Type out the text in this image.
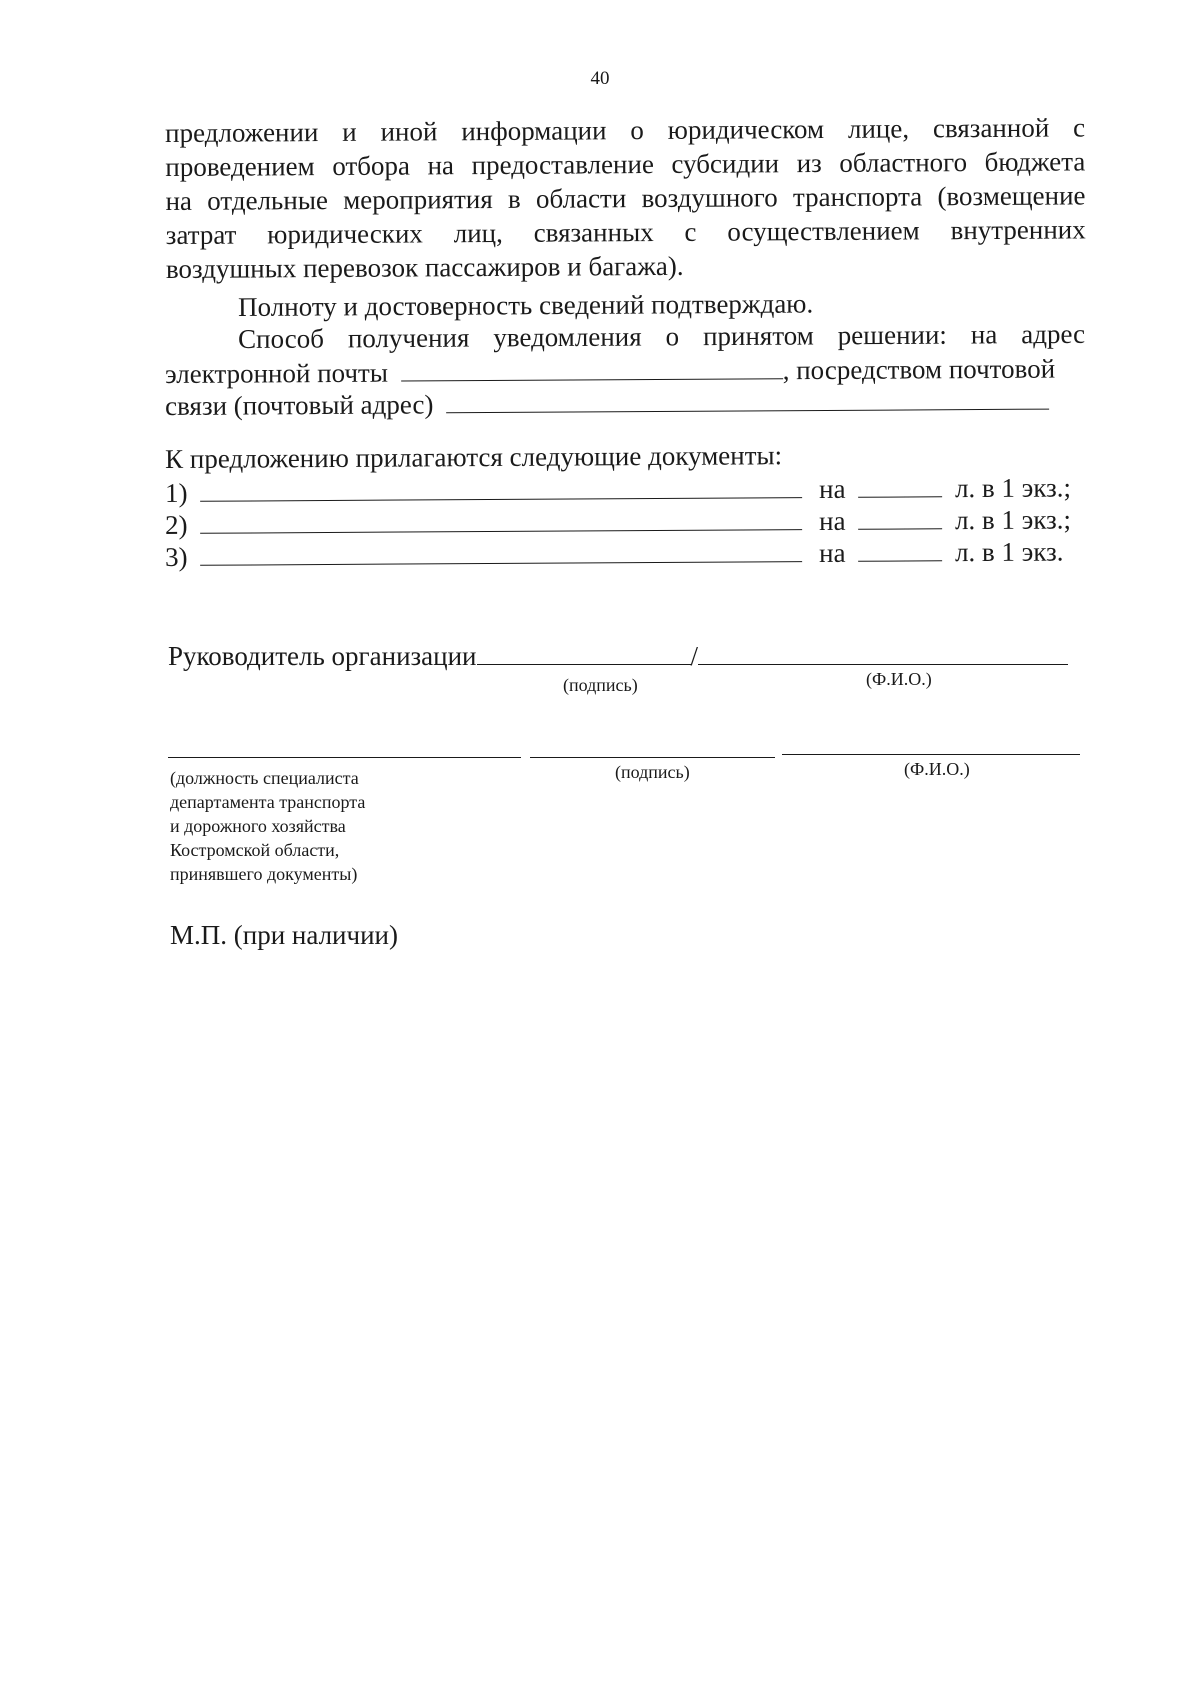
40
предложении и иной информации о юридическом лице, связанной с
проведением отбора на предоставление субсидии из областного бюджета
на отдельные мероприятия в области воздушного транспорта (возмещение
затрат юридических лиц, связанных с осуществлением внутренних
воздушных перевозок пассажиров и багажа).
Полноту и достоверность сведений подтверждаю.
Способ получения уведомления о принятом решении: на адрес
электронной почты	, посредством почтовой
связи (почтовый адрес)
К предложению прилагаются следующие документы:
1)	на	л. в 1 экз.;
2)	на	л. в 1 экз.;
3)	на	л. в 1 экз.
Руководитель организации	/
(подпись)	(Ф.И.О.)
(должность специалиста
департамента транспорта
и дорожного хозяйства
Костромской области,
принявшего документы)
(подпись)	(Ф.И.О.)
М.П. (при наличии)
